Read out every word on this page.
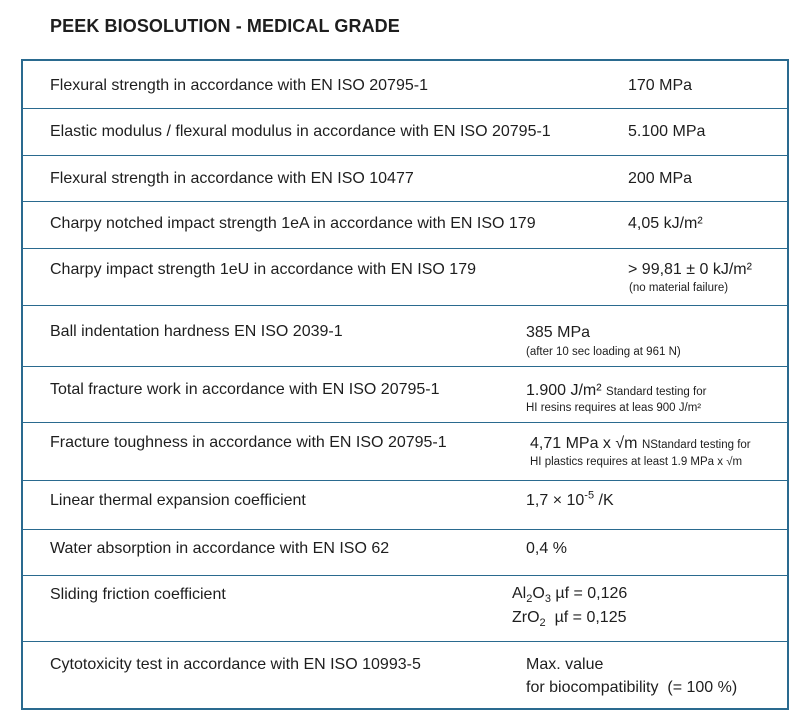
PEEK BIOSOLUTION - MEDICAL GRADE
Flexural strength in accordance with EN ISO 20795-1	170 MPa
Elastic modulus / flexural modulus in accordance with EN ISO 20795-1	5.100 MPa
Flexural strength in accordance with EN ISO 10477	200 MPa
Charpy notched impact strength 1eA in accordance with EN ISO 179	4,05 kJ/m²
Charpy impact strength 1eU in accordance with EN ISO 179	> 99,81 ± 0 kJ/m²
(no material failure)
Ball indentation hardness EN ISO 2039-1	385 MPa
(after 10 sec loading at 961 N)
Total fracture work in accordance with EN ISO 20795-1	1.900 J/m² Standard testing for
HI resins requires at leas 900 J/m²
Fracture toughness in accordance with EN ISO 20795-1	4,71 MPa x √m NStandard testing for
HI plastics requires at least 1.9 MPa x √m
Linear thermal expansion coefficient	$1,7 \times 10^{-5}$ /K
Water absorption in accordance with EN ISO 62	0,4 %
Sliding friction coefficient	$Al_2O_3$ µf = 0,126
ZrO$_2$  µf = 0,125
Cytotoxicity test in accordance with EN ISO 10993-5	Max. value
for biocompatibility  (= 100 %)
